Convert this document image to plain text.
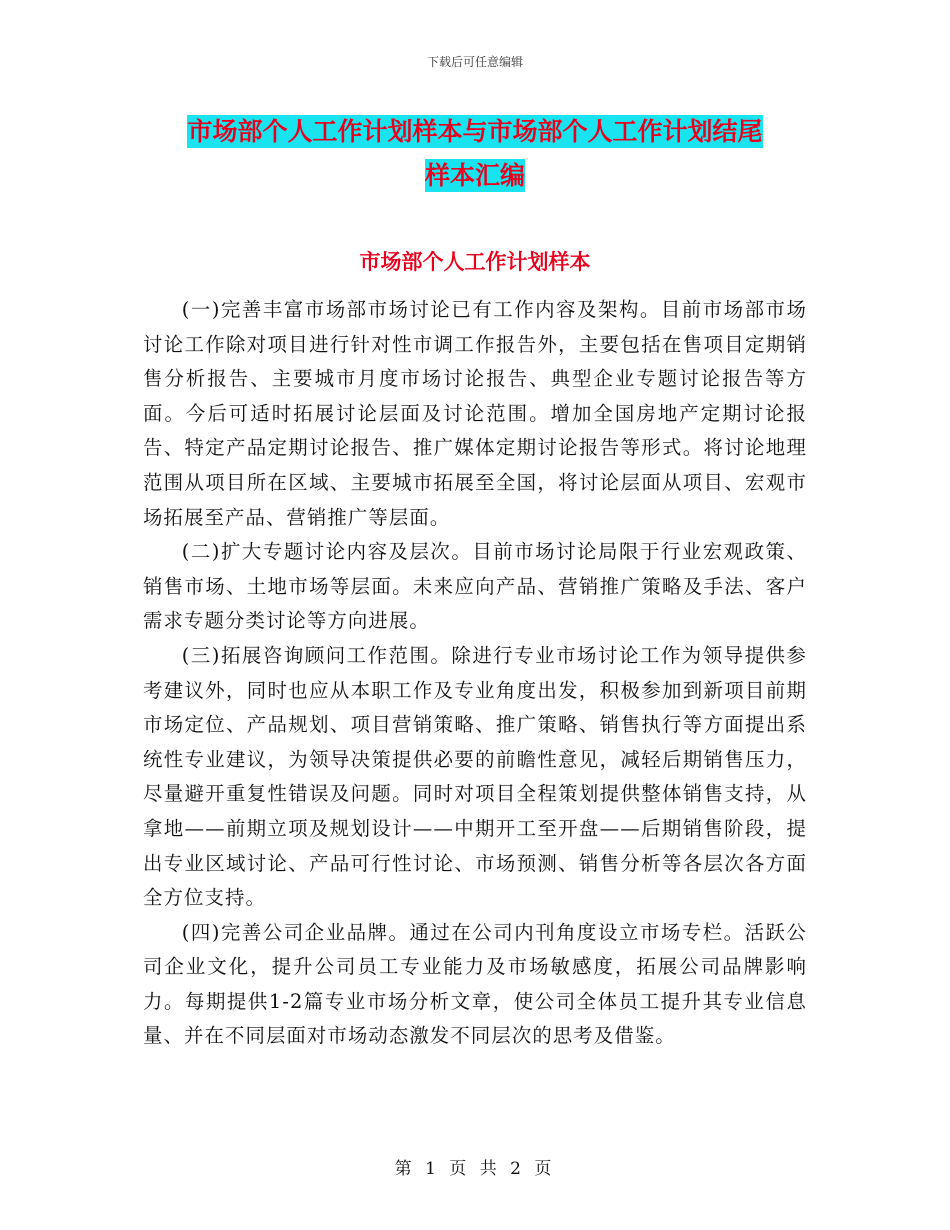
下载后可任意编辑
市场部个人工作计划样本与市场部个人工作计划结尾
样本汇编
市场部个人工作计划样本

(一)完善丰富市场部市场讨论已有工作内容及架构。目前市场部市场讨论工作除对项目进行针对性市调工作报告外，主要包括在售项目定期销售分析报告、主要城市月度市场讨论报告、典型企业专题讨论报告等方面。今后可适时拓展讨论层面及讨论范围。增加全国房地产定期讨论报告、特定产品定期讨论报告、推广媒体定期讨论报告等形式。将讨论地理范围从项目所在区域、主要城市拓展至全国，将讨论层面从项目、宏观市场拓展至产品、营销推广等层面。

(二)扩大专题讨论内容及层次。目前市场讨论局限于行业宏观政策、销售市场、土地市场等层面。未来应向产品、营销推广策略及手法、客户需求专题分类讨论等方向进展。

(三)拓展咨询顾问工作范围。除进行专业市场讨论工作为领导提供参考建议外，同时也应从本职工作及专业角度出发，积极参加到新项目前期市场定位、产品规划、项目营销策略、推广策略、销售执行等方面提出系统性专业建议，为领导决策提供必要的前瞻性意见，减轻后期销售压力，尽量避开重复性错误及问题。同时对项目全程策划提供整体销售支持，从拿地——前期立项及规划设计——中期开工至开盘——后期销售阶段，提出专业区域讨论、产品可行性讨论、市场预测、销售分析等各层次各方面全方位支持。

(四)完善公司企业品牌。通过在公司内刊角度设立市场专栏。活跃公司企业文化，提升公司员工专业能力及市场敏感度，拓展公司品牌影响力。每期提供1-2篇专业市场分析文章，使公司全体员工提升其专业信息量、并在不同层面对市场动态激发不同层次的思考及借鉴。

第 1 页 共 2 页
